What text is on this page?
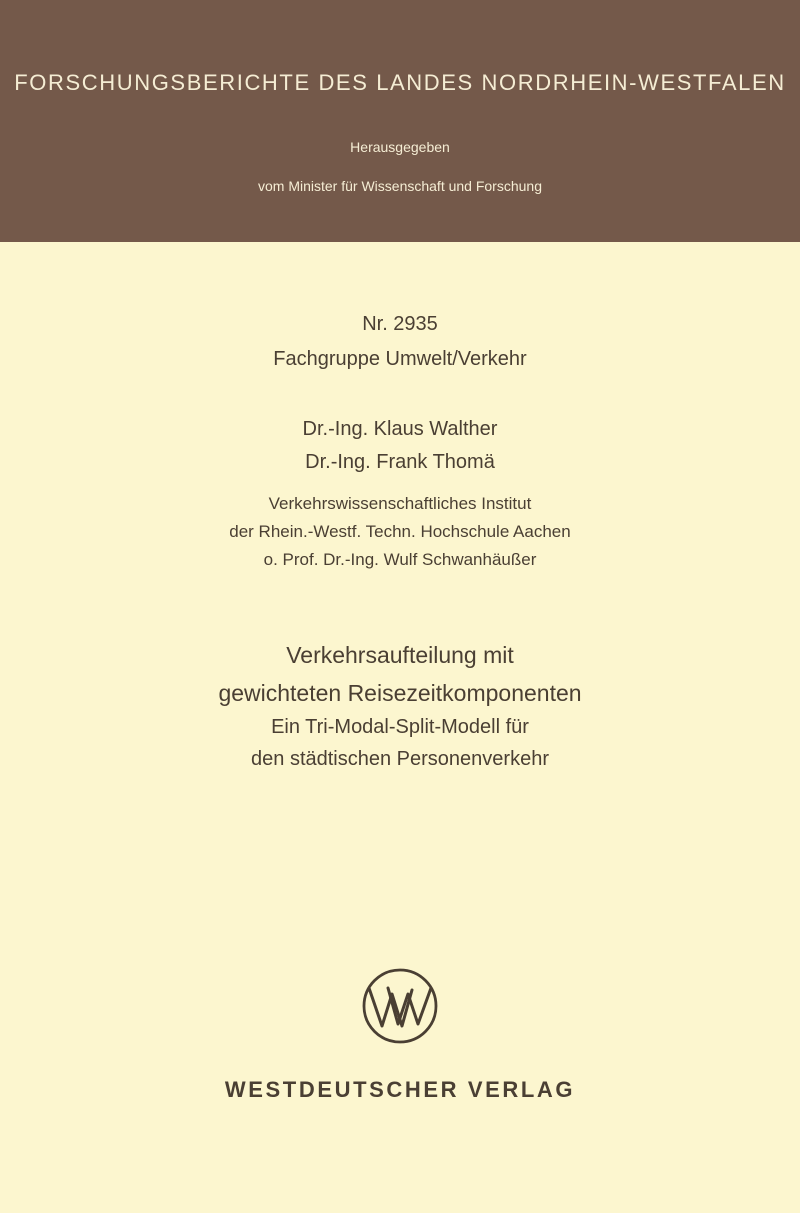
FORSCHUNGSBERICHTE DES LANDES NORDRHEIN-WESTFALEN
Herausgegeben
vom Minister für Wissenschaft und Forschung
Nr. 2935
Fachgruppe Umwelt/Verkehr
Dr.-Ing. Klaus Walther
Dr.-Ing. Frank Thomä
Verkehrswissenschaftliches Institut
der Rhein.-Westf. Techn. Hochschule Aachen
o. Prof. Dr.-Ing. Wulf Schwanhäußer
Verkehrsaufteilung mit
gewichteten Reisezeitkomponenten
Ein Tri-Modal-Split-Modell für
den städtischen Personenverkehr
WESTDEUTSCHER VERLAG
